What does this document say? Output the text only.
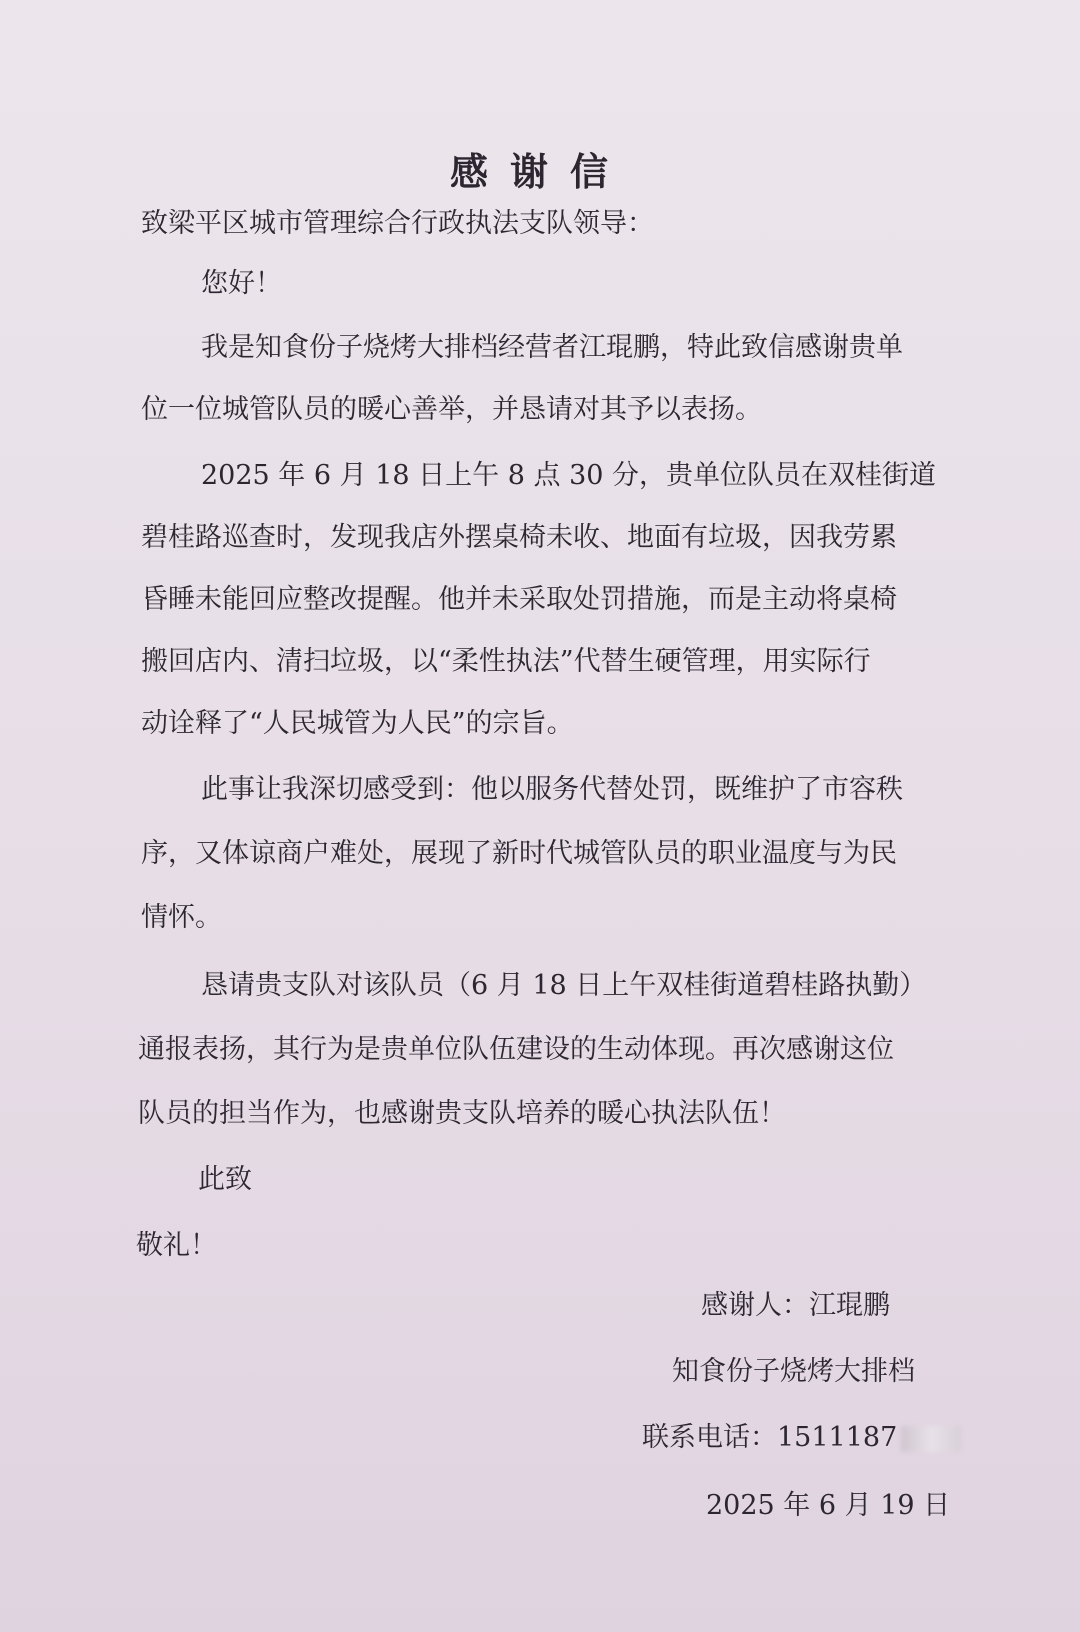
感谢信
致梁平区城市管理综合行政执法支队领导：
您好！
我是知食份子烧烤大排档经营者江琨鹏，特此致信感谢贵单
位一位城管队员的暖心善举，并恳请对其予以表扬。
2025 年 6 月 18 日上午 8 点 30 分，贵单位队员在双桂街道
碧桂路巡查时，发现我店外摆桌椅未收、地面有垃圾，因我劳累
昏睡未能回应整改提醒。他并未采取处罚措施，而是主动将桌椅
搬回店内、清扫垃圾，以“柔性执法”代替生硬管理，用实际行
动诠释了“人民城管为人民”的宗旨。
此事让我深切感受到：他以服务代替处罚，既维护了市容秩
序，又体谅商户难处，展现了新时代城管队员的职业温度与为民
情怀。
恳请贵支队对该队员（6 月 18 日上午双桂街道碧桂路执勤）
通报表扬，其行为是贵单位队伍建设的生动体现。再次感谢这位
队员的担当作为，也感谢贵支队培养的暖心执法队伍！
此致
敬礼！
感谢人：江琨鹏
知食份子烧烤大排档
联系电话：1511187
2025 年 6 月 19 日
